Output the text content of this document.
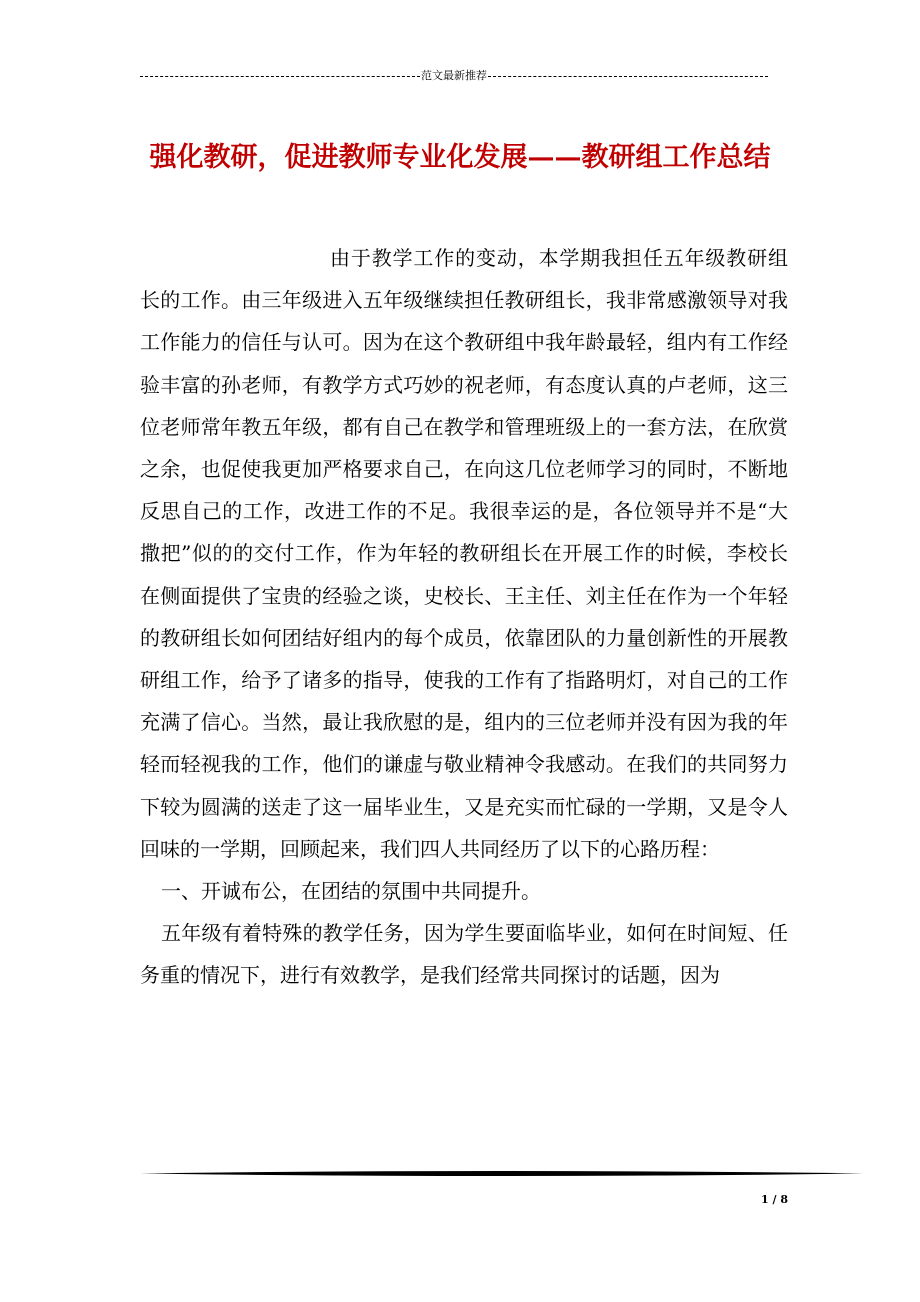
范文最新推荐
强化教研，促进教师专业化发展——教研组工作总结

由于教学工作的变动，本学期我担任五年级教研组长的工作。由三年级进入五年级继续担任教研组长，我非常感激领导对我工作能力的信任与认可。因为在这个教研组中我年龄最轻，组内有工作经验丰富的孙老师，有教学方式巧妙的祝老师，有态度认真的卢老师，这三位老师常年教五年级，都有自己在教学和管理班级上的一套方法，在欣赏之余，也促使我更加严格要求自己，在向这几位老师学习的同时，不断地反思自己的工作，改进工作的不足。我很幸运的是，各位领导并不是“大撒把”似的的交付工作，作为年轻的教研组长在开展工作的时候，李校长在侧面提供了宝贵的经验之谈，史校长、王主任、刘主任在作为一个年轻的教研组长如何团结好组内的每个成员，依靠团队的力量创新性的开展教研组工作，给予了诸多的指导，使我的工作有了指路明灯，对自己的工作充满了信心。当然，最让我欣慰的是，组内的三位老师并没有因为我的年轻而轻视我的工作，他们的谦虚与敬业精神令我感动。在我们的共同努力下较为圆满的送走了这一届毕业生，又是充实而忙碌的一学期，又是令人回味的一学期，回顾起来，我们四人共同经历了以下的心路历程：

一、开诚布公，在团结的氛围中共同提升。

五年级有着特殊的教学任务，因为学生要面临毕业，如何在时间短、任务重的情况下，进行有效教学，是我们经常共同探讨的话题，因为

1 / 8
